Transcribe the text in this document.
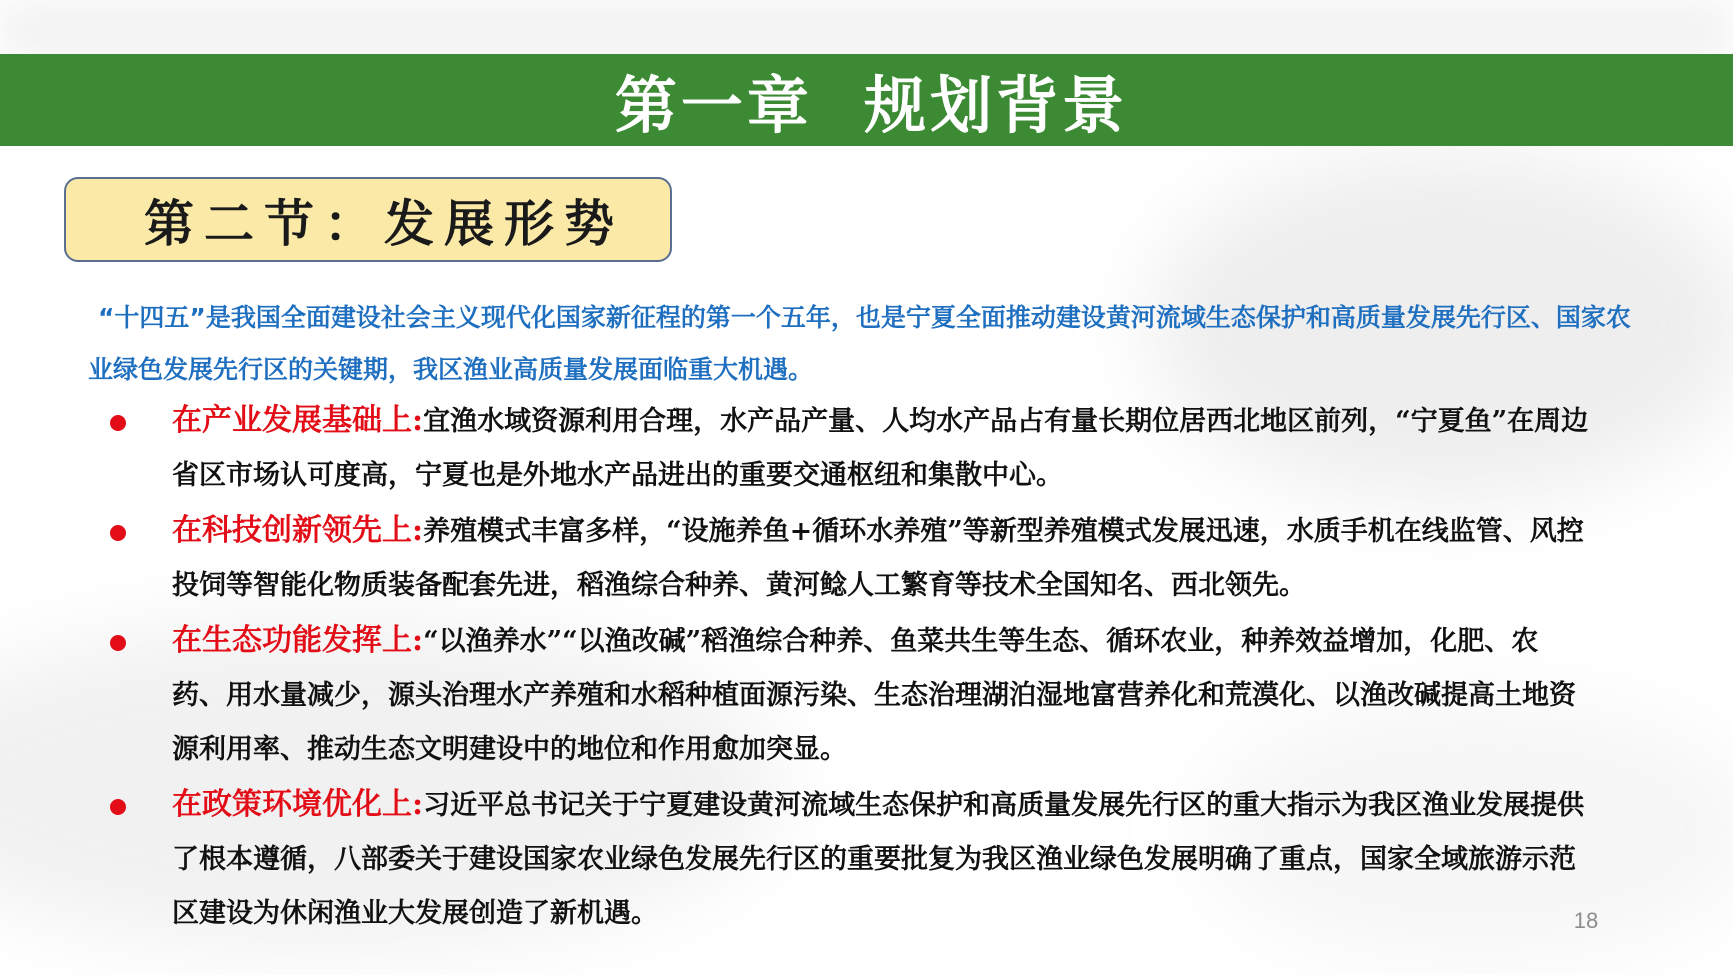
第一章  规划背景
第二节：发展形势
“十四五”是我国全面建设社会主义现代化国家新征程的第一个五年，也是宁夏全面推动建设黄河流域生态保护和高质量发展先行区、国家农业绿色发展先行区的关键期，我区渔业高质量发展面临重大机遇。
在产业发展基础上:宜渔水域资源利用合理，水产品产量、人均水产品占有量长期位居西北地区前列，“宁夏鱼”在周边省区市场认可度高，宁夏也是外地水产品进出的重要交通枢纽和集散中心。
在科技创新领先上:养殖模式丰富多样，“设施养鱼+循环水养殖”等新型养殖模式发展迅速，水质手机在线监管、风控投饲等智能化物质装备配套先进，稻渔综合种养、黄河鲶人工繁育等技术全国知名、西北领先。
在生态功能发挥上:“以渔养水”“以渔改碱”稻渔综合种养、鱼菜共生等生态、循环农业，种养效益增加，化肥、农药、用水量减少，源头治理水产养殖和水稻种植面源污染、生态治理湖泊湿地富营养化和荒漠化、以渔改碱提高土地资源利用率、推动生态文明建设中的地位和作用愈加突显。
在政策环境优化上:习近平总书记关于宁夏建设黄河流域生态保护和高质量发展先行区的重大指示为我区渔业发展提供了根本遵循，八部委关于建设国家农业绿色发展先行区的重要批复为我区渔业绿色发展明确了重点，国家全域旅游示范区建设为休闲渔业大发展创造了新机遇。	18
